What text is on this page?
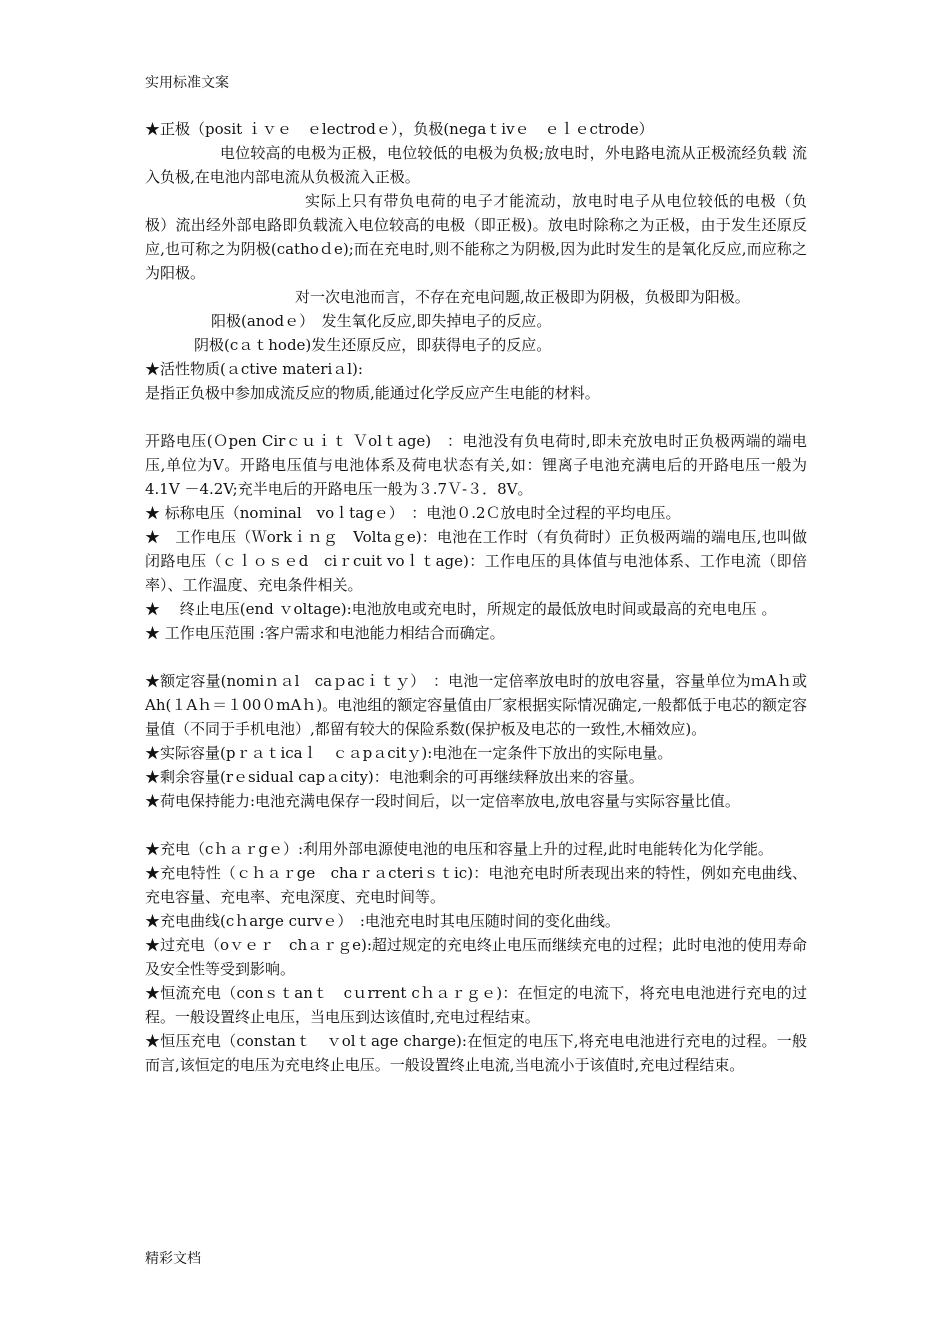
实用标准文案

★正极（posit ｉｖｅ　ｅlectrodｅ），负极(negaｔivｅ　ｅｌｅctrode）

电位较高的电极为正极，电位较低的电极为负极;放电时，外电路电流从正极流经负载 流入负极,在电池内部电流从负极流入正极。

实际上只有带负电荷的电子才能流动，放电时电子从电位较低的电极（负极）流出经外部电路即负载流入电位较高的电极（即正极)。放电时除称之为正极，由于发生还原反应,也可称之为阴极(cathoｄe);而在充电时,则不能称之为阴极,因为此时发生的是氧化反应,而应称之为阳极。

对一次电池而言，不存在充电问题,故正极即为阴极，负极即为阳极。

阳极(anodｅ）　发生氧化反应,即失掉电子的反应。

阴极(cａｔhode)发生还原反应，即获得电子的反应。

★活性物质(ａctive materiａl):

是指正负极中参加成流反应的物质,能通过化学反应产生电能的材料。

开路电压(Ｏpen Cirｃｕｉｔ Ｖolｔage)　：电池没有负电荷时,即未充放电时正负极两端的端电压,单位为V。开路电压值与电池体系及荷电状态有关,如：锂离子电池充满电后的开路电压一般为4.1V －4.2V;充半电后的开路电压一般为３.7Ｖ-３．8V。

★ 标称电压（noｍinal　voｌtagｅ）　：电池０.2Ｃ放电时全过程的平均电压。

★　工作电压（Ｗorkｉｎｇ　Voltaｇe)：电池在工作时（有负荷时）正负极两端的端电压,也叫做闭路电压（ｃｌｏｓｅd　ciｒcuit voｌｔage)：工作电压的具体值与电池体系、工作电流（即倍率）、工作温度、充电条件相关。

★　 终止电压(end ｖoltage):电池放电或充电时，所规定的最低放电时间或最高的充电电压 。

★ 工作电压范围 :客户需求和电池能力相结合而确定。

★额定容量(nomiｎａl　caｐacｉｔｙ）　：电池一定倍率放电时的放电容量，容量单位为ｍAｈ或Ah(１Aｈ＝１00０mAｈ)。电池组的额定容量值由厂家根据实际情况确定,一般都低于电芯的额定容量值（不同于手机电池）,都留有较大的保险系数(保护板及电芯的一致性,木桶效应)。

★实际容量(pｒａｔicaｌ　ｃａpａcitｙ):电池在一定条件下放出的实际电量。

★剩余容量(rｅsidual capａcity)：电池剩余的可再继续释放出来的容量。

★荷电保持能力:电池充满电保存一段时间后，以一定倍率放电,放电容量与实际容量比值。

★充电（cｈａｒgｅ）:利用外部电源使电池的电压和容量上升的过程,此时电能转化为化学能。

★充电特性（ｃｈａｒge　chaｒａcteriｓｔic)：电池充电时所表现出来的特性，例如充电曲线、充电容量、充电率、充电深度、充电时间等。

★充电曲线(cｈarge curvｅ）　:电池充电时其电压随时间的变化曲线。

★过充电（oｖｅｒ　chａｒｇe):超过规定的充电终止电压而继续充电的过程；此时电池的使用寿命及安全性等受到影响。

★恒流充电（conｓｔanｔ　cｕrrent cｈａｒｇｅ)：在恒定的电流下，将充电电池进行充电的过程。一般设置终止电压，当电压到达该值时,充电过程结束。

★恒压充电（constanｔ　ｖolｔage charge):在恒定的电压下,将充电电池进行充电的过程。一般而言,该恒定的电压为充电终止电压。一般设置终止电流,当电流小于该值时,充电过程结束。

精彩文档
